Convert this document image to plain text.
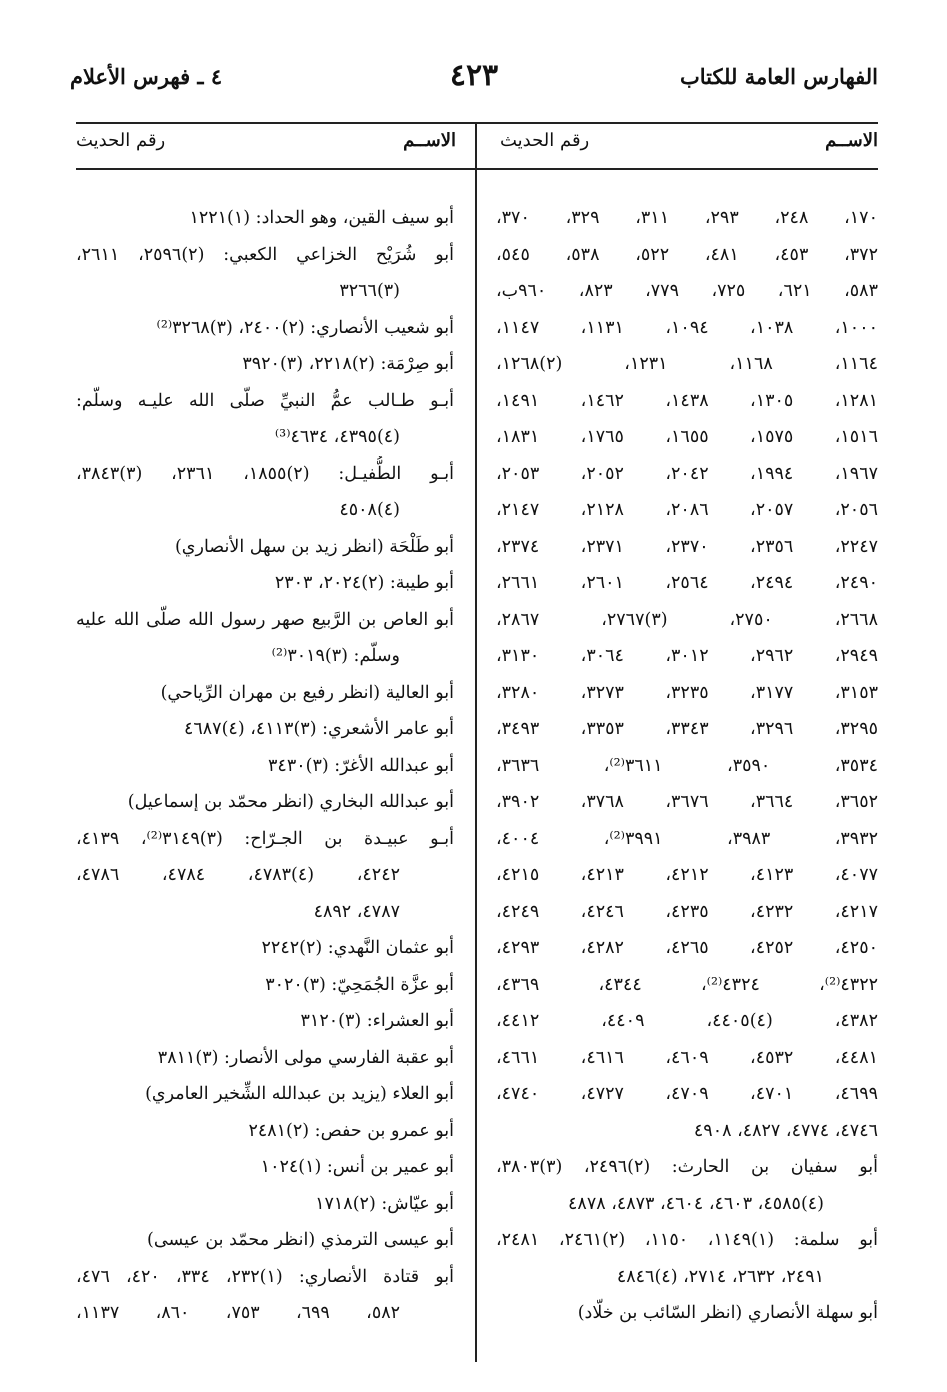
الفهارس العامة للكتاب
٤٢٣
٤ ـ فهرس الأعلام
الاســم
رقم الحديث
الاســم
رقم الحديث
١٧٠، ٢٤٨، ٢٩٣، ٣١١، ٣٢٩، ٣٧٠،
٣٧٢، ٤٥٣، ٤٨١، ٥٢٢، ٥٣٨، ٥٤٥،
٥٨٣، ٦٢١، ٧٢٥، ٧٧٩، ٨٢٣، ٩٦٠ب،
١٠٠٠، ١٠٣٨، ١٠٩٤، ١١٣١، ١١٤٧،
١١٦٤، ١١٦٨، ١٢٣١، (٢)١٢٦٨،
١٢٨١، ١٣٠٥، ١٤٣٨، ١٤٦٢، ١٤٩١،
١٥١٦، ١٥٧٥، ١٦٥٥، ١٧٦٥، ١٨٣١،
١٩٦٧، ١٩٩٤، ٢٠٤٢، ٢٠٥٢، ٢٠٥٣،
٢٠٥٦، ٢٠٥٧، ٢٠٨٦، ٢١٢٨، ٢١٤٧،
٢٢٤٧، ٢٣٥٦، ٢٣٧٠، ٢٣٧١، ٢٣٧٤،
٢٤٩٠، ٢٤٩٤، ٢٥٦٤، ٢٦٠١، ٢٦٦١،
٢٦٦٨، ٢٧٥٠، (٣)٢٧٦٧، ٢٨٦٧،
٢٩٤٩، ٢٩٦٢، ٣٠١٢، ٣٠٦٤، ٣١٣٠،
٣١٥٣، ٣١٧٧، ٣٢٣٥، ٣٢٧٣، ٣٢٨٠،
٣٢٩٥، ٣٢٩٦، ٣٣٤٣، ٣٣٥٣، ٣٤٩٣،
٣٥٣٤، ٣٥٩٠، ٣٦١١⁽²⁾، ٣٦٣٦،
٣٦٥٢، ٣٦٦٤، ٣٦٧٦، ٣٧٦٨، ٣٩٠٢،
٣٩٣٢، ٣٩٨٣، ٣٩٩١⁽²⁾، ٤٠٠٤،
٤٠٧٧، ٤١٢٣، ٤٢١٢، ٤٢١٣، ٤٢١٥،
٤٢١٧، ٤٢٣٢، ٤٢٣٥، ٤٢٤٦، ٤٢٤٩،
٤٢٥٠، ٤٢٥٢، ٤٢٦٥، ٤٢٨٢، ٤٢٩٣،
٤٣٢٢⁽²⁾، ٤٣٢٤⁽²⁾، ٤٣٤٤، ٤٣٦٩،
٤٣٨٢، (٤)٤٤٠٥، ٤٤٠٩، ٤٤١٢،
٤٤٨١، ٤٥٣٢، ٤٦٠٩، ٤٦١٦، ٤٦٦١،
٤٦٩٩، ٤٧٠١، ٤٧٠٩، ٤٧٢٧، ٤٧٤٠،
٤٧٤٦، ٤٧٧٤، ٤٨٢٧، ٤٩٠٨
أبو سفيان بن الحارث: (٢)٢٤٩٦، (٣)٣٨٠٣،
(٤)٤٥٨٥، ٤٦٠٣، ٤٦٠٤، ٤٨٧٣، ٤٨٧٨
أبو سلمة: (١)١١٤٩، ١١٥٠، (٢)٢٤٦١، ٢٤٨١،
٢٤٩١، ٢٦٣٢، ٢٧١٤، (٤)٤٨٤٦
أبو سهلة الأنصاري (انظر السّائب بن خلّاد)
أبو سيف القين، وهو الحداد: (١)١٢٢١
أبو شُرَيْح الخزاعي الكعبي: (٢)٢٥٩٦، ٢٦١١،
(٣)٣٢٦٦
أبو شعيب الأنصاري: (٢)٢٤٠٠، (٣)٣٢٦٨⁽²⁾
أبو صِرْمَة: (٢)٢٢١٨، (٣)٣٩٢٠
أبـو طـالب عمُّ النبيِّ صلّى الله عليـه وسلّم:
(٤)٤٣٩٥، ٤٦٣٤⁽³⁾
أبـو الطُّفيـل: (٢)١٨٥٥، ٢٣٦١، (٣)٣٨٤٣،
(٤)٤٥٠٨
أبو طَلْحَة (انظر زيد بن سهل الأنصاري)
أبو طيبة: (٢)٢٠٢٤، ٢٣٠٣
أبو العاص بن الرَّبيع صهر رسول الله صلّى الله عليه
وسلّم: (٣)٣٠١٩⁽²⁾
أبو العالية (انظر رفيع بن مهران الرِّياحي)
أبو عامر الأشعري: (٣)٤١١٣، (٤)٤٦٨٧
أبو عبدالله الأغرّ: (٣)٣٤٣٠
أبو عبدالله البخاري (انظر محمّد بن إسماعيل)
أبـو عبيـدة بن الجـرّاح: (٣)٣١٤٩⁽²⁾، ٤١٣٩،
٤٢٤٢، (٤)٤٧٨٣، ٤٧٨٤، ٤٧٨٦،
٤٧٨٧، ٤٨٩٢
أبو عثمان النَّهدي: (٢)٢٢٤٢
أبو عزَّة الجُمَحِيّ: (٣)٣٠٢٠
أبو العشراء: (٣)٣١٢٠
أبو عقبة الفارسي مولى الأنصار: (٣)٣٨١١
أبو العلاء (يزيد بن عبدالله الشِّخير العامري)
أبو عمرو بن حفص: (٢)٢٤٨١
أبو عمير بن أنس: (١)١٠٢٤
أبو عيّاش: (٢)١٧١٨
أبو عيسى الترمذي (انظر محمّد بن عيسى)
أبو قتادة الأنصاري: (١)٢٣٢، ٣٣٤، ٤٢٠، ٤٧٦،
٥٨٢، ٦٩٩، ٧٥٣، ٨٦٠، ١١٣٧،
